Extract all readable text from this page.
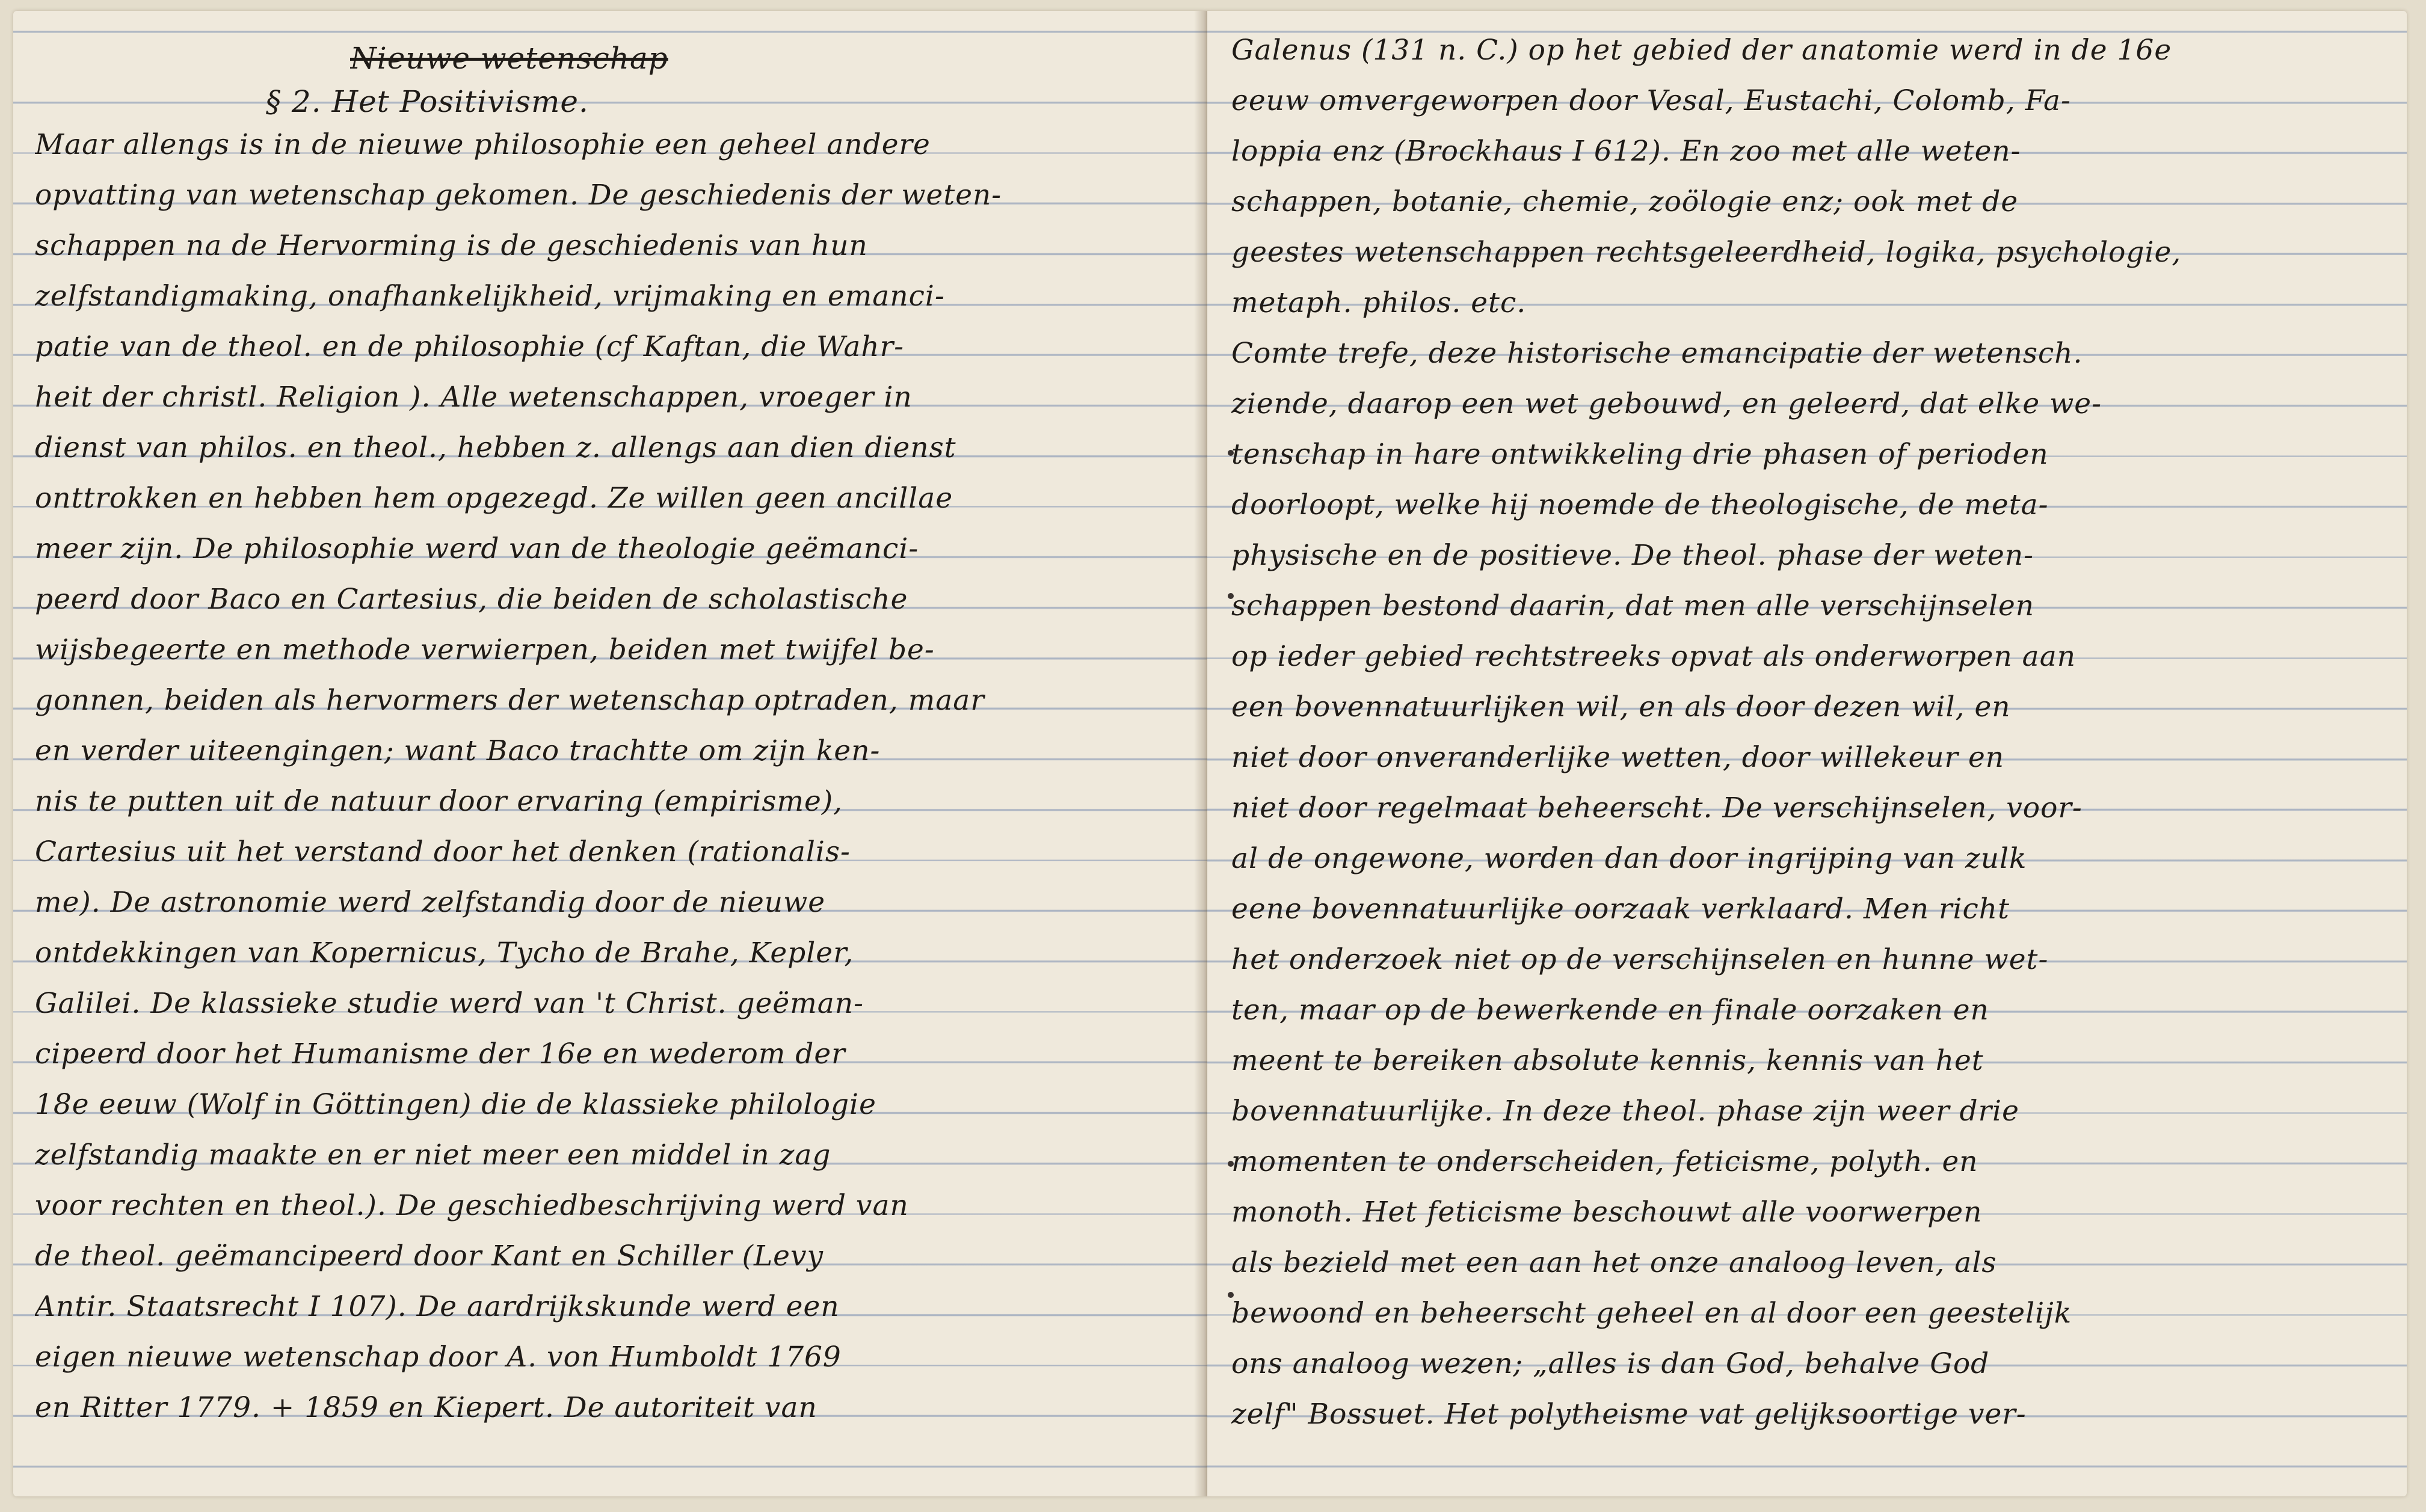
Nieuwe wetenschap
§ 2. Het Positivisme.
Maar allengs is in de nieuwe philosophie een geheel andere
opvatting van wetenschap gekomen. De geschiedenis der weten-
schappen na de Hervorming is de geschiedenis van hun
zelfstandigmaking, onafhankelijkheid, vrijmaking en emanci-
patie van de theol. en de philosophie (cf Kaftan, die Wahr-
heit der christl. Religion ). Alle wetenschappen, vroeger in
dienst van philos. en theol., hebben z. allengs aan dien dienst
onttrokken en hebben hem opgezegd. Ze willen geen ancillae
meer zijn. De philosophie werd van de theologie geëmanci-
peerd door Baco en Cartesius, die beiden de scholastische
wijsbegeerte en methode verwierpen, beiden met twijfel be-
gonnen, beiden als hervormers der wetenschap optraden, maar
en verder uiteengingen; want Baco trachtte om zijn ken-
nis te putten uit de natuur door ervaring (empirisme),
Cartesius uit het verstand door het denken (rationalis-
me). De astronomie werd zelfstandig door de nieuwe
ontdekkingen van Kopernicus, Tycho de Brahe, Kepler,
Galilei. De klassieke studie werd van 't Christ. geëman-
cipeerd door het Humanisme der 16e en wederom der
18e eeuw (Wolf in Göttingen) die de klassieke philologie
zelfstandig maakte en er niet meer een middel in zag
voor rechten en theol.). De geschiedbeschrijving werd van
de theol. geëmancipeerd door Kant en Schiller (Levy
Antir. Staatsrecht I 107). De aardrijkskunde werd een
eigen nieuwe wetenschap door A. von Humboldt 1769
en Ritter 1779. + 1859 en Kiepert. De autoriteit van
Galenus (131 n. C.) op het gebied der anatomie werd in de 16e
eeuw omvergeworpen door Vesal, Eustachi, Colomb, Fa-
loppia enz (Brockhaus I 612). En zoo met alle weten-
schappen, botanie, chemie, zoölogie enz; ook met de
geestes wetenschappen rechtsgeleerdheid, logika, psychologie,
metaph. philos. etc.
Comte trefe, deze historische emancipatie der wetensch.
ziende, daarop een wet gebouwd, en geleerd, dat elke we-
tenschap in hare ontwikkeling drie phasen of perioden
doorloopt, welke hij noemde de theologische, de meta-
physische en de positieve. De theol. phase der weten-
schappen bestond daarin, dat men alle verschijnselen
op ieder gebied rechtstreeks opvat als onderworpen aan
een bovennatuurlijken wil, en als door dezen wil, en
niet door onveranderlijke wetten, door willekeur en
niet door regelmaat beheerscht. De verschijnselen, voor-
al de ongewone, worden dan door ingrijping van zulk
eene bovennatuurlijke oorzaak verklaard. Men richt
het onderzoek niet op de verschijnselen en hunne wet-
ten, maar op de bewerkende en finale oorzaken en
meent te bereiken absolute kennis, kennis van het
bovennatuurlijke. In deze theol. phase zijn weer drie
momenten te onderscheiden, feticisme, polyth. en
monoth. Het feticisme beschouwt alle voorwerpen
als bezield met een aan het onze analoog leven, als
bewoond en beheerscht geheel en al door een geestelijk
ons analoog wezen; „alles is dan God, behalve God
zelf" Bossuet. Het polytheisme vat gelijksoortige ver-
